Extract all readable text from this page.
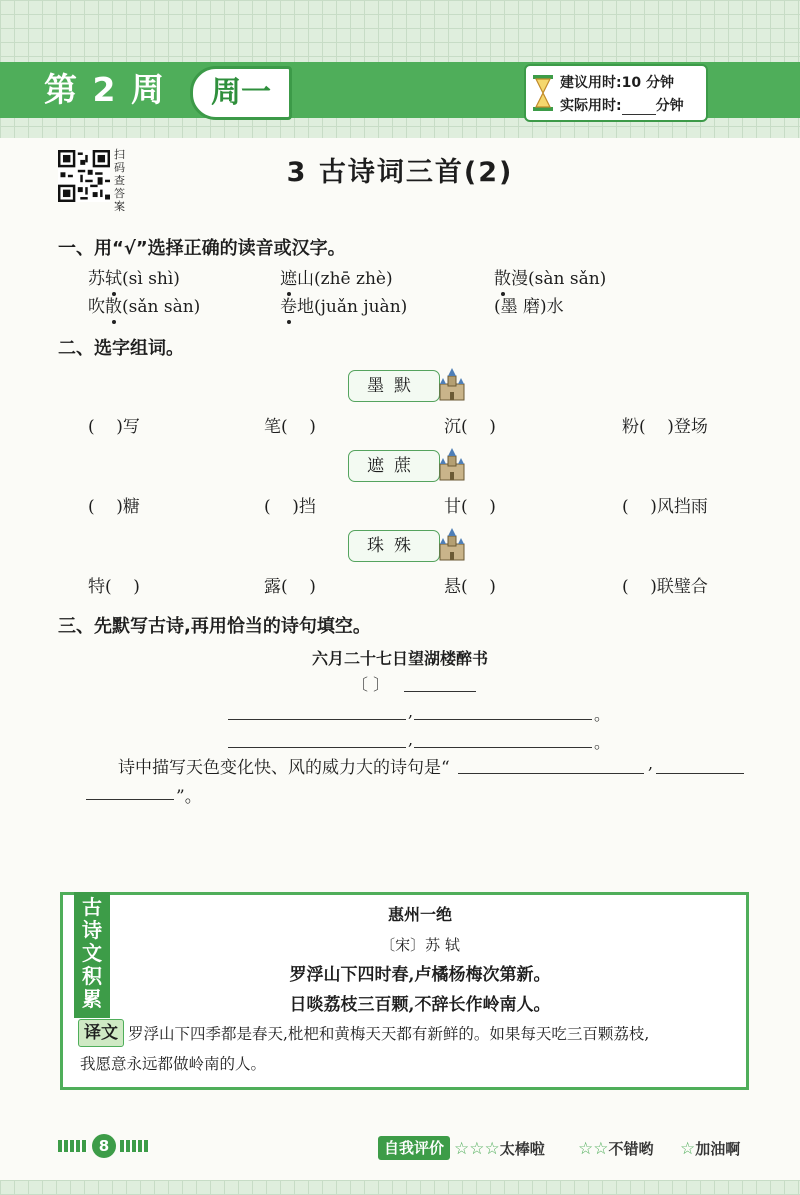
第 2 周	周一	建议用时:10 分钟
实际用时: 分钟
扫码查答案
3 古诗词三首(2)
一、用“√”选择正确的读音或汉字。
苏轼(sì shì)	遮山(zhē zhè)	散漫(sàn sǎn)
吹散(sǎn sàn)	卷地(juǎn juàn)	(墨 磨)水
二、选字组词。
墨默
(    )写	笔(    )	沉(    )	粉(    )登场
遮蔗
(    )糖	(    )挡	甘(    )	(    )风挡雨
珠殊
特(    )	露(    )	悬(    )	(    )联璧合
三、先默写古诗,再用恰当的诗句填空。
六月二十七日望湖楼醉书
〔 〕
,	。
,	。
诗中描写天色变化快、风的威力大的诗句是“	,
”。
古诗文积累
惠州一绝
〔宋〕苏 轼
罗浮山下四时春,卢橘杨梅次第新。
日啖荔枝三百颗,不辞长作岭南人。
译文 罗浮山下四季都是春天,枇杷和黄梅天天都有新鲜的。如果每天吃三百颗荔枝,
我愿意永远都做岭南的人。
8	自我评价 ☆☆☆太棒啦 ☆☆不错哟 ☆加油啊
